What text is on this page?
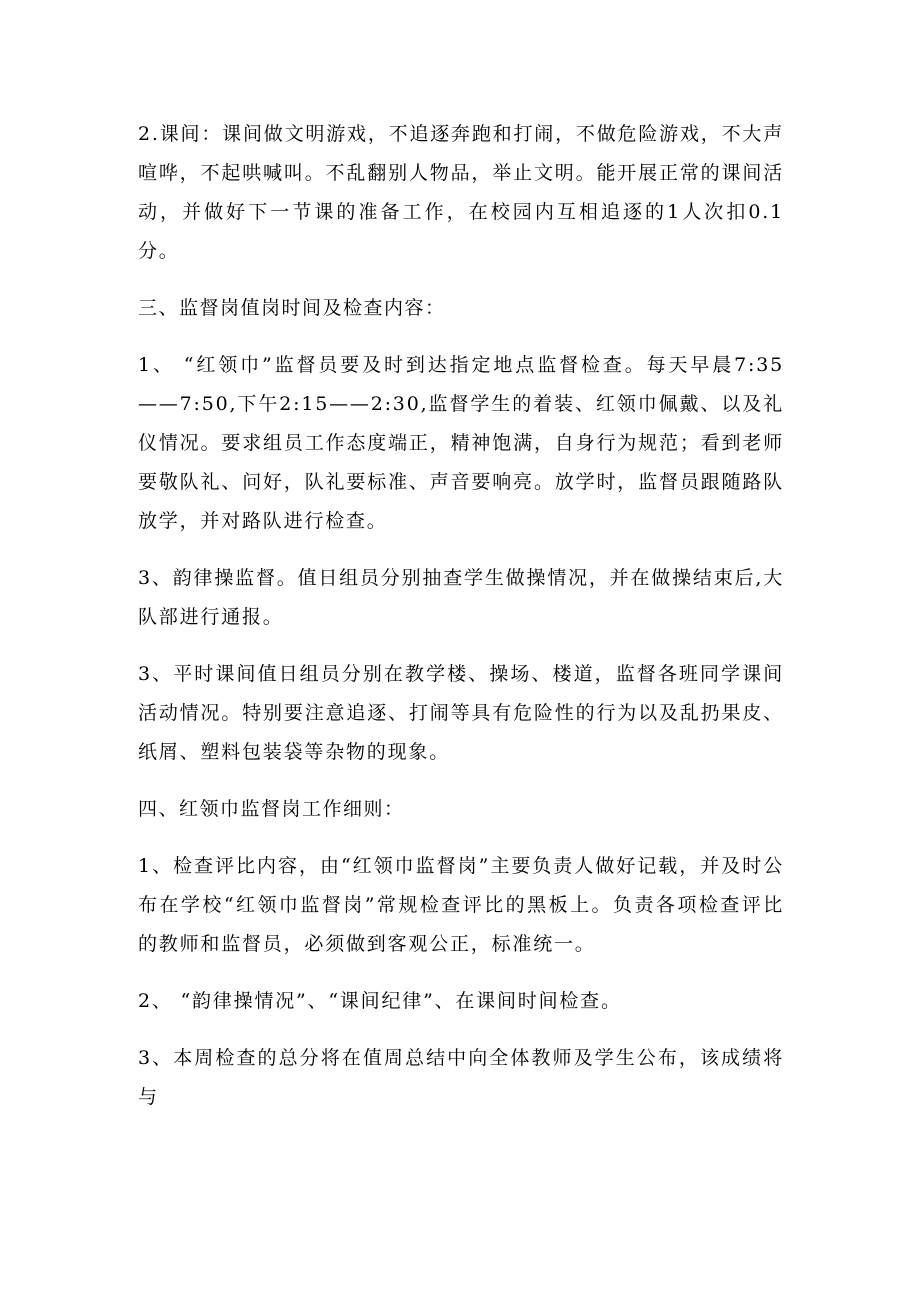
2.课间：课间做文明游戏，不追逐奔跑和打闹，不做危险游戏，不大声喧哗，不起哄喊叫。不乱翻别人物品，举止文明。能开展正常的课间活动，并做好下一节课的准备工作，在校园内互相追逐的1人次扣0.1分。

三、监督岗值岗时间及检查内容：

1、 “红领巾”监督员要及时到达指定地点监督检查。每天早晨7:35——7:50,下午2:15——2:30,监督学生的着装、红领巾佩戴、以及礼仪情况。要求组员工作态度端正，精神饱满，自身行为规范；看到老师要敬队礼、问好，队礼要标准、声音要响亮。放学时，监督员跟随路队放学，并对路队进行检查。

3、韵律操监督。值日组员分别抽查学生做操情况，并在做操结束后,大队部进行通报。

3、平时课间值日组员分别在教学楼、操场、楼道，监督各班同学课间活动情况。特别要注意追逐、打闹等具有危险性的行为以及乱扔果皮、纸屑、塑料包装袋等杂物的现象。

四、红领巾监督岗工作细则：

1、检查评比内容，由“红领巾监督岗”主要负责人做好记载，并及时公布在学校“红领巾监督岗”常规检查评比的黑板上。负责各项检查评比的教师和监督员，必须做到客观公正，标准统一。

2、 “韵律操情况”、“课间纪律”、在课间时间检查。

3、本周检查的总分将在值周总结中向全体教师及学生公布，该成绩将与
